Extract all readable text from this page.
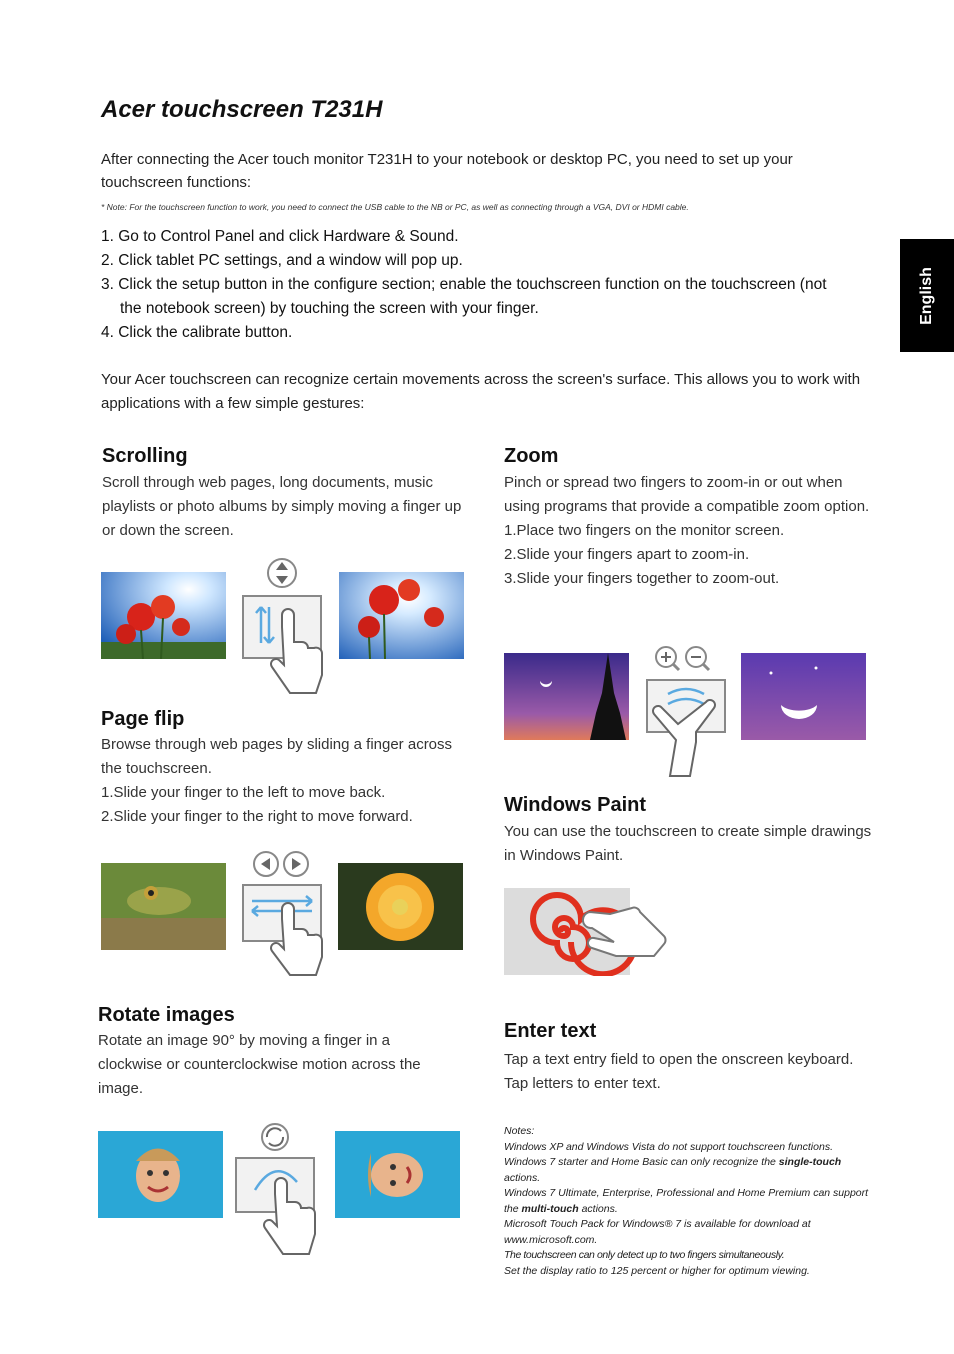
Acer touchscreen T231H
After connecting the Acer touch monitor T231H to your notebook or desktop PC, you need to set up your touchscreen functions:
* Note: For the touchscreen function to work, you need to connect the USB cable to the NB or PC, as well as connecting through a VGA, DVI or HDMI cable.
1. Go to Control Panel and click Hardware & Sound.
2. Click tablet PC settings, and a window will pop up.
3. Click the setup button in the configure section; enable the touchscreen function on the touchscreen (not the notebook screen) by touching the screen with your finger.
4. Click the calibrate button.
Your Acer touchscreen can recognize certain movements across the screen's surface. This allows you to work with applications with a few simple gestures:
English
Scrolling
Scroll through web pages, long documents, music playlists or photo albums by simply moving a finger up or down the screen.
Page flip
Browse through web pages by sliding a finger across the touchscreen.
1.Slide your finger to the left to move back.
2.Slide your finger to the right to move forward.
Rotate images
Rotate an image 90° by moving a finger in a clockwise or counterclockwise motion across the image.
Zoom
Pinch or spread two fingers to zoom-in or out when using programs that provide a compatible zoom option.
1.Place two fingers on the monitor screen.
2.Slide your fingers apart to zoom-in.
3.Slide your fingers together to zoom-out.
Windows Paint
You can use the touchscreen to create simple drawings in Windows Paint.
Enter text
Tap a text entry field to open the onscreen keyboard. Tap letters to enter text.
Notes:
Windows XP and Windows Vista do not support touchscreen functions.
Windows 7 starter and Home Basic can only recognize the single-touch actions.
Windows 7 Ultimate, Enterprise, Professional and Home Premium can support the multi-touch actions.
Microsoft Touch Pack for Windows® 7 is available for download at www.microsoft.com.
The touchscreen can only detect up to two fingers simultaneously.
Set the display ratio to 125 percent or higher for optimum viewing.
